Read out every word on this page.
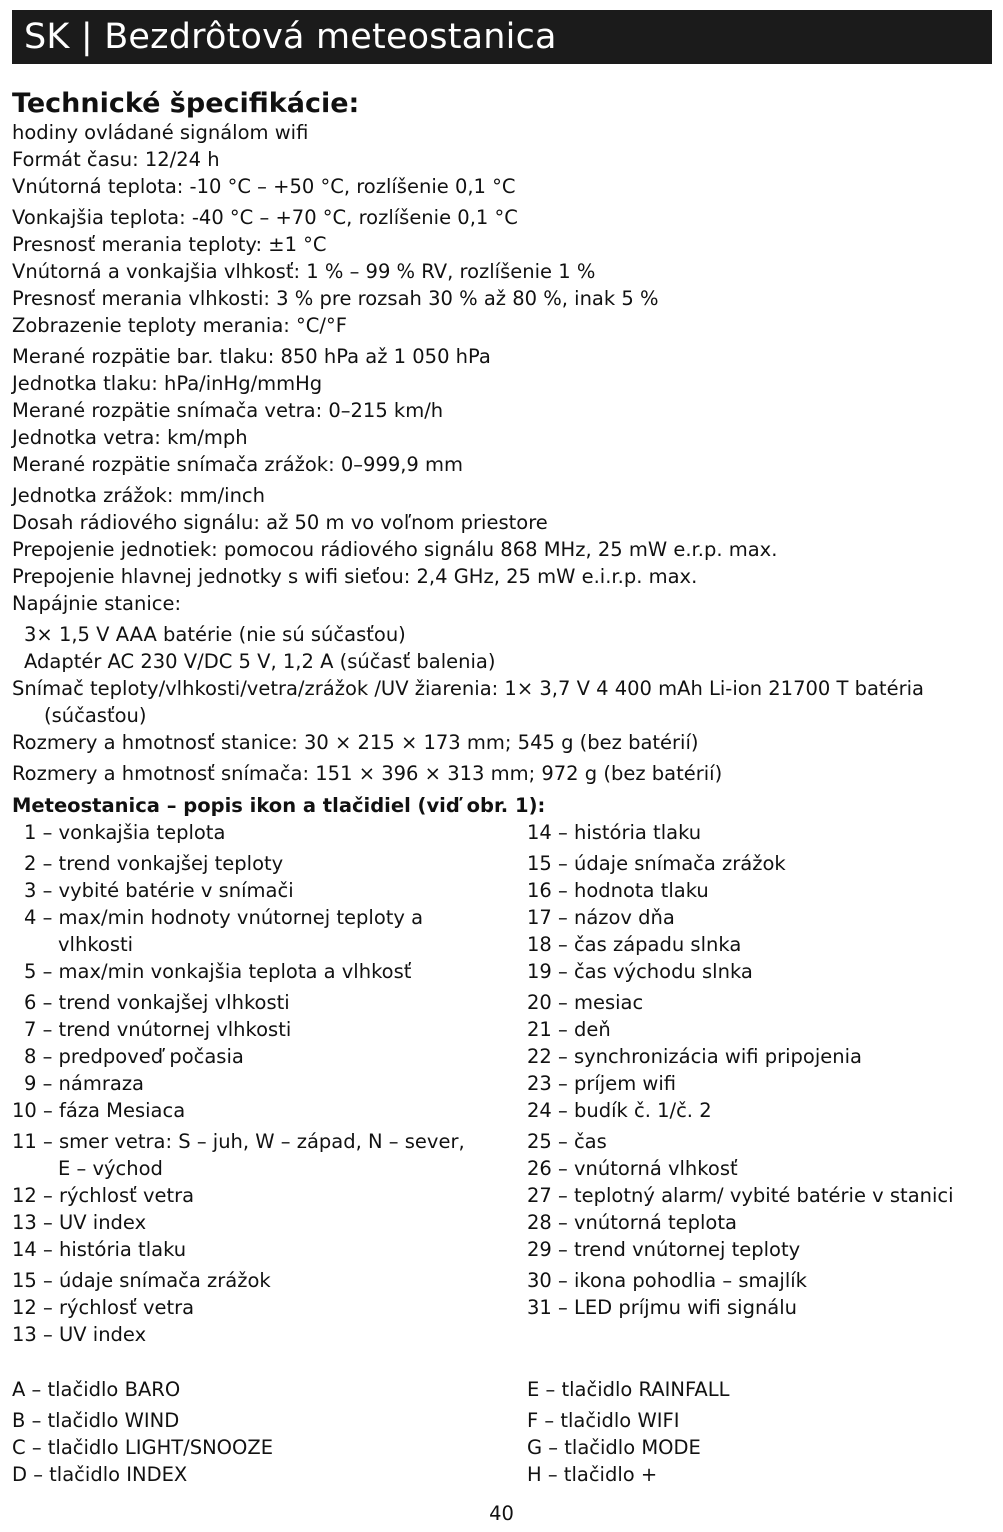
SK | Bezdrôtová meteostanica
Technické špecifikácie:
hodiny ovládané signálom wifi
Formát času: 12/24 h
Vnútorná teplota: -10 °C – +50 °C, rozlíšenie 0,1 °C
Vonkajšia teplota: -40 °C – +70 °C, rozlíšenie 0,1 °C
Presnosť merania teploty: ±1 °C
Vnútorná a vonkajšia vlhkosť: 1 % – 99 % RV, rozlíšenie 1 %
Presnosť merania vlhkosti: 3 % pre rozsah 30 % až 80 %, inak 5 %
Zobrazenie teploty merania: °C/°F
Merané rozpätie bar. tlaku: 850 hPa až 1 050 hPa
Jednotka tlaku: hPa/inHg/mmHg
Merané rozpätie snímača vetra: 0–215 km/h
Jednotka vetra: km/mph
Merané rozpätie snímača zrážok: 0–999,9 mm
Jednotka zrážok: mm/inch
Dosah rádiového signálu: až 50 m vo voľnom priestore
Prepojenie jednotiek: pomocou rádiového signálu 868 MHz, 25 mW e.r.p. max.
Prepojenie hlavnej jednotky s wifi sieťou: 2,4 GHz, 25 mW e.i.r.p. max.
Napájnie stanice:
3× 1,5 V AAA batérie (nie sú súčasťou)
Adaptér AC 230 V/DC 5 V, 1,2 A (súčasť balenia)
Snímač teploty/vlhkosti/vetra/zrážok /UV žiarenia: 1× 3,7 V 4 400 mAh Li-ion 21700 T batéria
(súčasťou)
Rozmery a hmotnosť stanice: 30 × 215 × 173 mm; 545 g (bez batérií)
Rozmery a hmotnosť snímača: 151 × 396 × 313 mm; 972 g (bez batérií)
Meteostanica – popis ikon a tlačidiel (viď obr. 1):
1 – vonkajšia teplota
2 – trend vonkajšej teploty
3 – vybité batérie v snímači
4 – max/min hodnoty vnútornej teploty a
vlhkosti
5 – max/min vonkajšia teplota a vlhkosť
6 – trend vonkajšej vlhkosti
7 – trend vnútornej vlhkosti
8 – predpoveď počasia
9 – námraza
10 – fáza Mesiaca
11 – smer vetra: S – juh, W – západ, N – sever,
E – východ
12 – rýchlosť vetra
13 – UV index
14 – história tlaku
15 – údaje snímača zrážok
12 – rýchlosť vetra
13 – UV index
14 – história tlaku
15 – údaje snímača zrážok
16 – hodnota tlaku
17 – názov dňa
18 – čas západu slnka
19 – čas východu slnka
20 – mesiac
21 – deň
22 – synchronizácia wifi pripojenia
23 – príjem wifi
24 – budík č. 1/č. 2
25 – čas
26 – vnútorná vlhkosť
27 – teplotný alarm/ vybité batérie v stanici
28 – vnútorná teplota
29 – trend vnútornej teploty
30 – ikona pohodlia – smajlík
31 – LED príjmu wifi signálu
A – tlačidlo BARO
B – tlačidlo WIND
C – tlačidlo LIGHT/SNOOZE
D – tlačidlo INDEX
E – tlačidlo RAINFALL
F – tlačidlo WIFI
G – tlačidlo MODE
H – tlačidlo +
40
